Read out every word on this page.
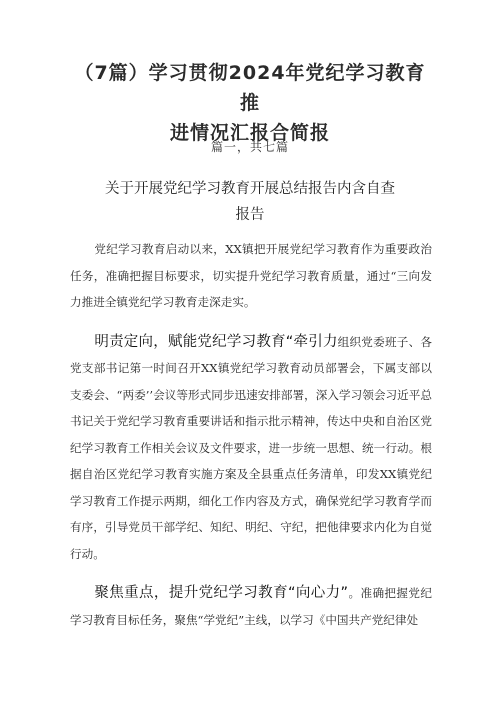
（7篇）学习贯彻2024年党纪学习教育推
进情况汇报合简报
篇一，共七篇
关于开展党纪学习教育开展总结报告内含自查
报告

党纪学习教育启动以来，XX镇把开展党纪学习教育作为重要政治任务，准确把握目标要求，切实提升党纪学习教育质量，通过“三向发力推进全镇党纪学习教育走深走实。

明责定向，赋能党纪学习教育“牵引力组织党委班子、各党支部书记第一时间召开XX镇党纪学习教育动员部署会，下属支部以支委会、“两委’’会议等形式同步迅速安排部署，深入学习领会习近平总书记关于党纪学习教育重要讲话和指示批示精神，传达中央和自治区党纪学习教育工作相关会议及文件要求，进一步统一思想、统一行动。根据自治区党纪学习教育实施方案及全县重点任务清单，印发XX镇党纪学习教育工作提示两期，细化工作内容及方式，确保党纪学习教育学而有序，引导党员干部学纪、知纪、明纪、守纪，把他律要求内化为自觉行动。

聚焦重点，提升党纪学习教育“向心力”。准确把握党纪学习教育目标任务，聚焦“学党纪”主线，以学习《中国共产党纪律处
